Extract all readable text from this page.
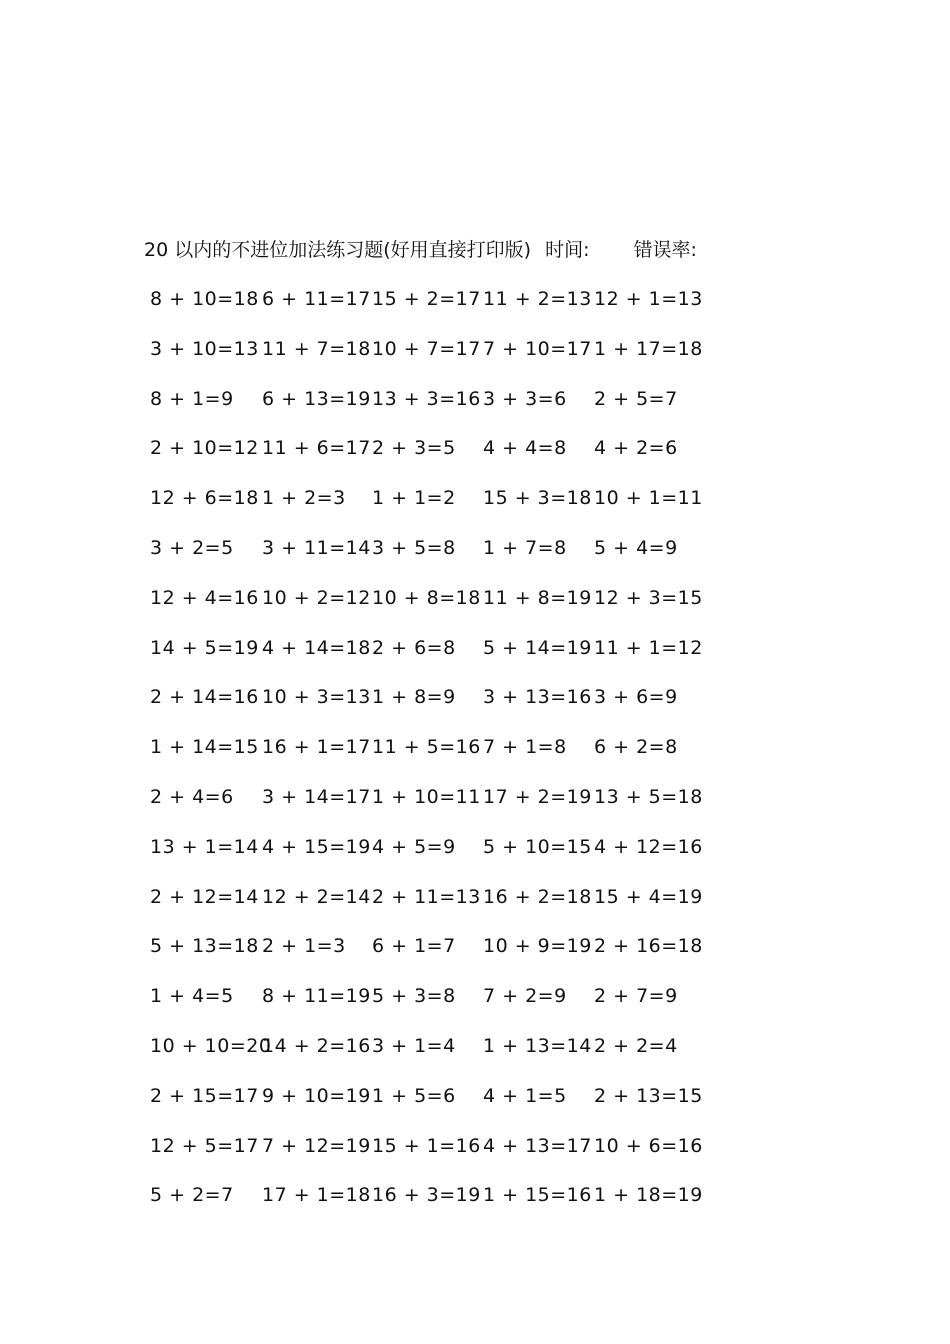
20 以内的不进位加法练习题(好用直接打印版) 时间: 错误率:
8 + 10=18 6 + 11=17 15 + 2=17 11 + 2=13 12 + 1=13
3 + 10=13 11 + 7=18 10 + 7=17 7 + 10=17 1 + 17=18
8 + 1=9 6 + 13=19 13 + 3=16 3 + 3=6 2 + 5=7
2 + 10=12 11 + 6=17 2 + 3=5 4 + 4=8 4 + 2=6
12 + 6=18 1 + 2=3 1 + 1=2 15 + 3=18 10 + 1=11
3 + 2=5 3 + 11=14 3 + 5=8 1 + 7=8 5 + 4=9
12 + 4=16 10 + 2=12 10 + 8=18 11 + 8=19 12 + 3=15
14 + 5=19 4 + 14=18 2 + 6=8 5 + 14=19 11 + 1=12
2 + 14=16 10 + 3=13 1 + 8=9 3 + 13=16 3 + 6=9
1 + 14=15 16 + 1=17 11 + 5=16 7 + 1=8 6 + 2=8
2 + 4=6 3 + 14=17 1 + 10=11 17 + 2=19 13 + 5=18
13 + 1=14 4 + 15=19 4 + 5=9 5 + 10=15 4 + 12=16
2 + 12=14 12 + 2=14 2 + 11=13 16 + 2=18 15 + 4=19
5 + 13=18 2 + 1=3 6 + 1=7 10 + 9=19 2 + 16=18
1 + 4=5 8 + 11=19 5 + 3=8 7 + 2=9 2 + 7=9
10 + 10=20
14 + 2=16 3 + 1=4 1 + 13=14 2 + 2=4
2 + 15=17 9 + 10=19 1 + 5=6 4 + 1=5 2 + 13=15
12 + 5=17 7 + 12=19 15 + 1=16 4 + 13=17 10 + 6=16
5 + 2=7 17 + 1=18 16 + 3=19 1 + 15=16 1 + 18=19
